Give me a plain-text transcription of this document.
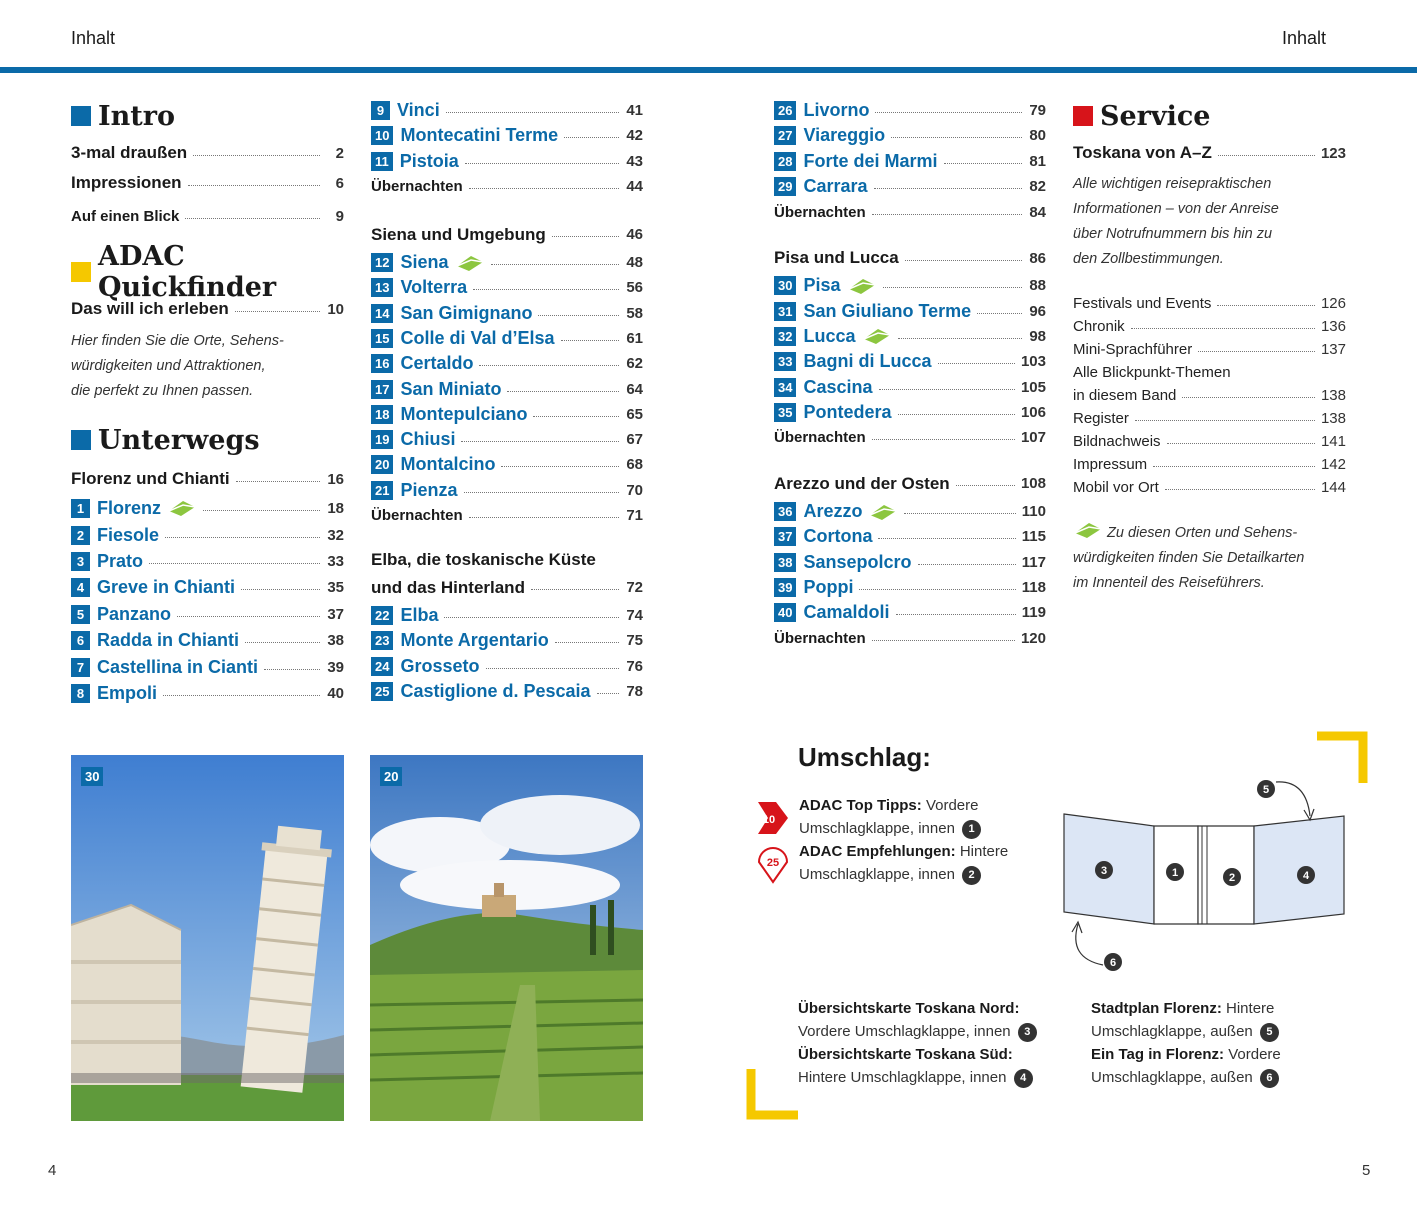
Inhalt	Inhalt
Intro
3-mal draußen	2
Impressionen	6
Auf einen Blick	9
ADAC Quickfinder
Das will ich erleben	10
Hier finden Sie die Orte, Sehens-
würdigkeiten und Attraktionen,
die perfekt zu Ihnen passen.
Unterwegs
Florenz und Chianti	16
1 Florenz	18
2 Fiesole	32
3 Prato	33
4 Greve in Chianti	35
5 Panzano	37
6 Radda in Chianti	38
7 Castellina in Cianti	39
8 Empoli	40
9 Vinci	41
10 Montecatini Terme	42
11 Pistoia	43
Übernachten	44
Siena und Umgebung	46
12 Siena	48
13 Volterra	56
14 San Gimignano	58
15 Colle di Val d’Elsa	61
16 Certaldo	62
17 San Miniato	64
18 Montepulciano	65
19 Chiusi	67
20 Montalcino	68
21 Pienza	70
Übernachten	71
Elba, die toskanische Küste
und das Hinterland	72
22 Elba	74
23 Monte Argentario	75
24 Grosseto	76
25 Castiglione d. Pescaia 78
26 Livorno	79
27 Viareggio	80
28 Forte dei Marmi	81
29 Carrara	82
Übernachten	84
Pisa und Lucca	86
30 Pisa	88
31 San Giuliano Terme	96
32 Lucca	98
33 Bagni di Lucca	103
34 Cascina	105
35 Pontedera	106
Übernachten	107
Arezzo und der Osten	108
36 Arezzo	110
37 Cortona	115
38 Sansepolcro	117
39 Poppi	118
40 Camaldoli	119
Übernachten	120
Service
Toskana von A–Z	123
Alle wichtigen reisepraktischen
Informationen – von der Anreise
über Notrufnummern bis hin zu
den Zollbestimmungen.
Festivals und Events	126
Chronik	136
Mini-Sprachführer	137
Alle Blickpunkt-Themen
in diesem Band	138
Register	138
Bildnachweis	141
Impressum	142
Mobil vor Ort	144
Zu diesen Orten und Sehens-
würdigkeiten finden Sie Detailkarten
im Innenteil des Reiseführers.
30	20
Umschlag:
10
25
ADAC Top Tipps: Vordere
Umschlagklappe, innen 1
ADAC Empfehlungen: Hintere
Umschlagklappe, innen 2	3	1	2	4
5
6
Übersichtskarte Toskana Nord:
Vordere Umschlagklappe, innen 3
Übersichtskarte Toskana Süd:
Hintere Umschlagklappe, innen 4
Stadtplan Florenz: Hintere
Umschlagklappe, außen 5
Ein Tag in Florenz: Vordere
Umschlagklappe, außen 6
4	5
